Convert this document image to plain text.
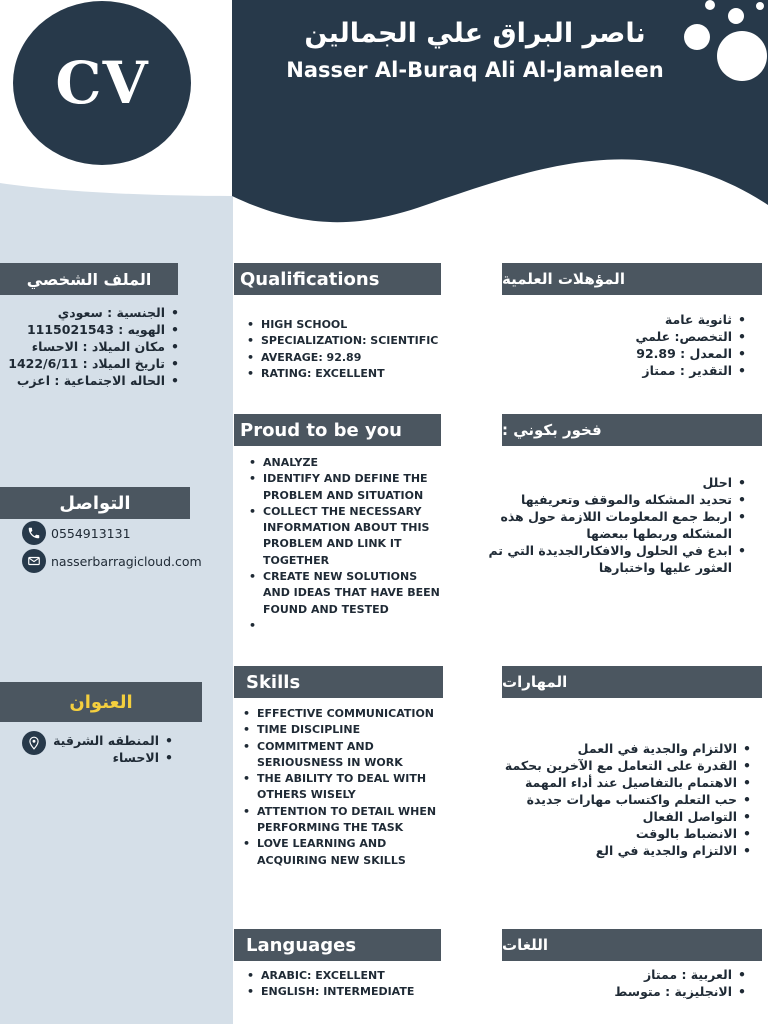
CV
ناصر البراق علي الجمالين
Nasser Al-Buraq Ali Al-Jamaleen
الملف الشخصي
• الجنسية : سعودي
• الهويه : 1115021543
• مكان الميلاد : الاحساء
• تاريخ الميلاد : 1422/6/11
• الحاله الاجتماعية : اعزب
التواصل
0554913131
nasserbarragicloud.com
العنوان
• المنطقه الشرقية
• الاحساء
Qualifications
• HIGH SCHOOL
• SPECIALIZATION: SCIENTIFIC
• AVERAGE: 92.89
• RATING: EXCELLENT
المؤهلات العلمية
• ثانوية عامة
• التخصص: علمي
• المعدل : 92.89
• التقدير : ممتاز
Proud to be you
• ANALYZE
• IDENTIFY AND DEFINE THE PROBLEM AND SITUATION
• COLLECT THE NECESSARY INFORMATION ABOUT THIS PROBLEM AND LINK IT TOGETHER
• CREATE NEW SOLUTIONS AND IDEAS THAT HAVE BEEN FOUND AND TESTED
فخور بكوني :
• احلل
• تحديد المشكله والموقف وتعريفيها
• اربط جمع المعلومات اللازمة حول هذه المشكله وربطها ببعضها
• ابدع في الحلول والافكارالجديدة التي تم العثور عليها واختبارها
Skills
• EFFECTIVE COMMUNICATION
• TIME DISCIPLINE
• COMMITMENT AND SERIOUSNESS IN WORK
• THE ABILITY TO DEAL WITH OTHERS WISELY
• ATTENTION TO DETAIL WHEN PERFORMING THE TASK
• LOVE LEARNING AND ACQUIRING NEW SKILLS
المهارات
• الالتزام والجدية في العمل
• القدرة على التعامل مع الآخرين بحكمة
• الاهتمام بالتفاصيل عند أداء المهمة
• حب التعلم واكتساب مهارات جديدة
• التواصل الفعال
• الانضباط بالوقت
• الالتزام والجدية في الع
Languages
• ARABIC: EXCELLENT
• ENGLISH: INTERMEDIATE
اللغات
• العربية : ممتاز
• الانجليزية : متوسط
